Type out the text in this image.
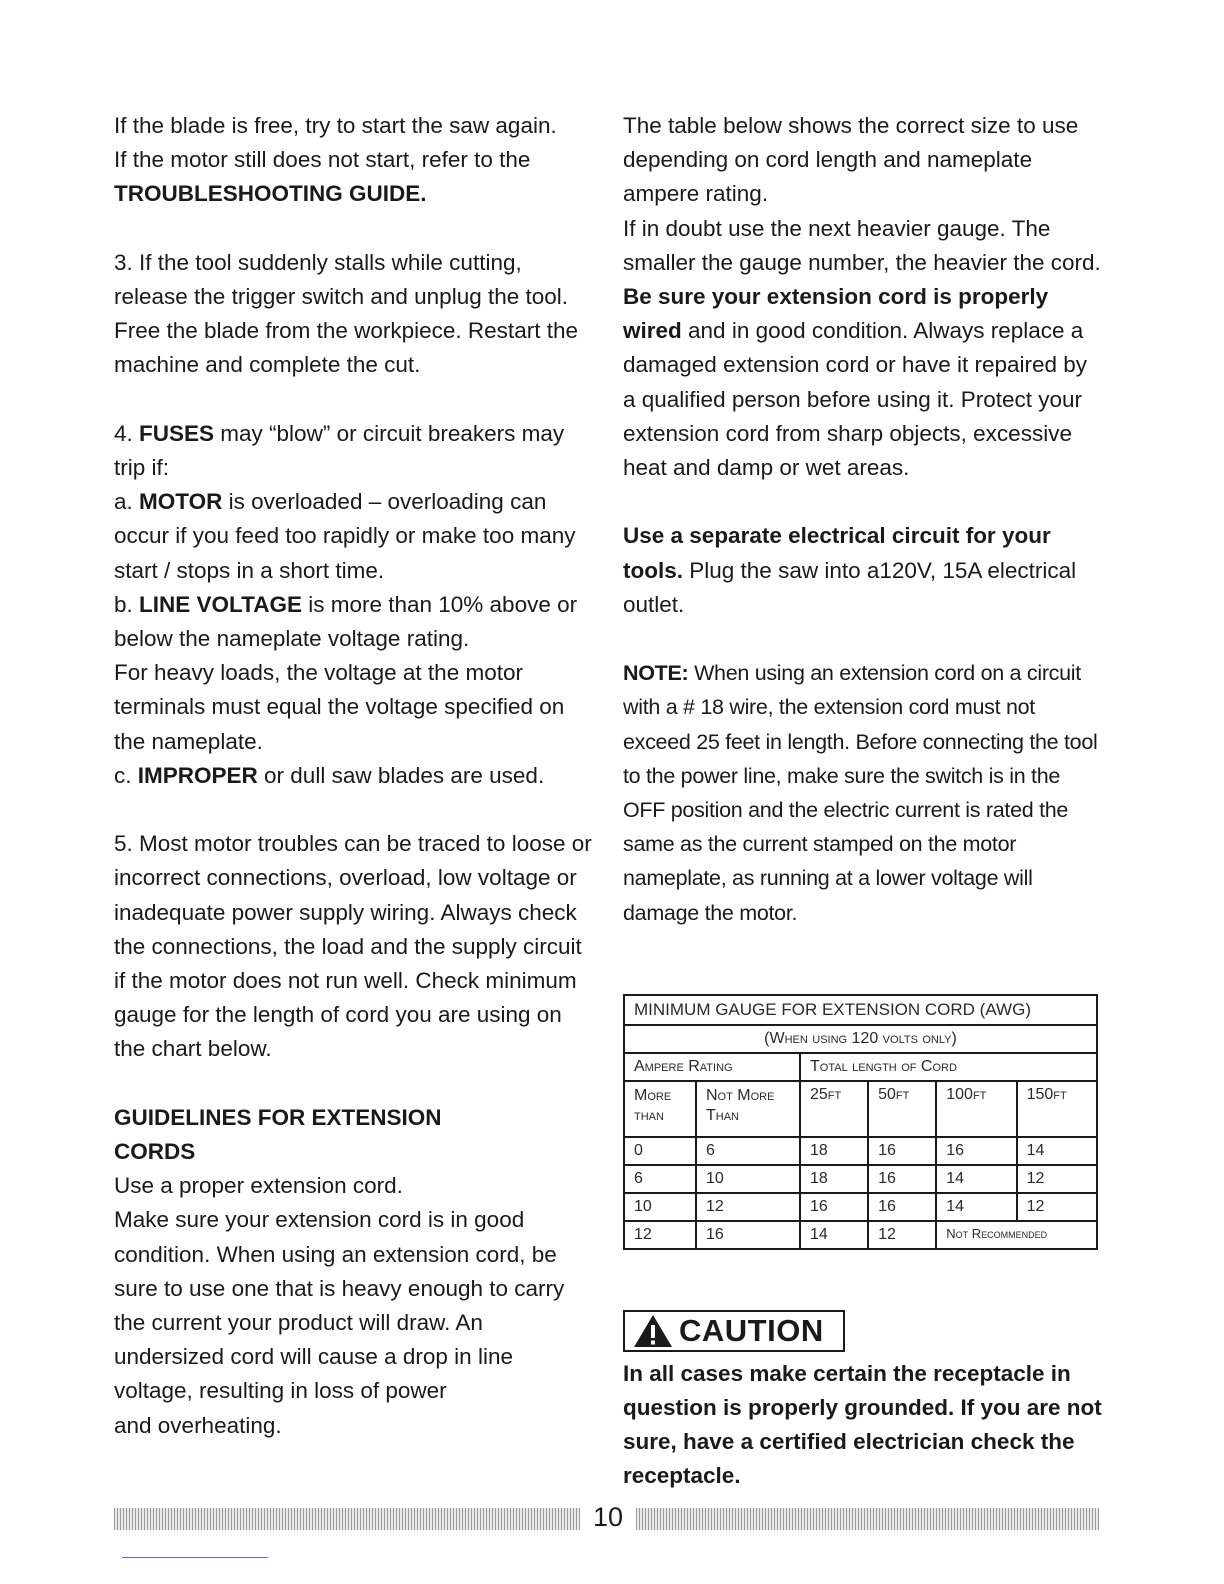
If the blade is free, try to start the saw again.
If the motor still does not start, refer to the
TROUBLESHOOTING GUIDE.

3. If the tool suddenly stalls while cutting, release the trigger switch and unplug the tool. Free the blade from the workpiece. Restart the machine and complete the cut.

4. FUSES may “blow” or circuit breakers may trip if:

a. MOTOR is overloaded – overloading can occur if you feed too rapidly or make too many start / stops in a short time.

b. LINE VOLTAGE is more than 10% above or below the nameplate voltage rating.

For heavy loads, the voltage at the motor terminals must equal the voltage specified on the nameplate.

c. IMPROPER or dull saw blades are used.

5. Most motor troubles can be traced to loose or incorrect connections, overload, low voltage or inadequate power supply wiring. Always check the connections, the load and the supply circuit if the motor does not run well. Check minimum gauge for the length of cord you are using on the chart below.

GUIDELINES FOR EXTENSION
CORDS

Use a proper extension cord.

Make sure your extension cord is in good condition. When using an extension cord, be sure to use one that is heavy enough to carry the current your product will draw. An undersized cord will cause a drop in line voltage, resulting in loss of power

and overheating.

The table below shows the correct size to use depending on cord length and nameplate ampere rating.

If in doubt use the next heavier gauge. The smaller the gauge number, the heavier the cord.

Be sure your extension cord is properly wired and in good condition. Always replace a damaged extension cord or have it repaired by a qualified person before using it. Protect your extension cord from sharp objects, excessive heat and damp or wet areas.

Use a separate electrical circuit for your tools. Plug the saw into a120V, 15A electrical outlet.

NOTE: When using an extension cord on a circuit with a # 18 wire, the extension cord must not exceed 25 feet in length. Before connecting the tool to the power line, make sure the switch is in the OFF position and the electric current is rated the same as the current stamped on the motor nameplate, as running at a lower voltage will damage the motor.

MINIMUM GAUGE FOR EXTENSION CORD (AWG)					
(When using 120 volts only)					
Ampere Rating		Total length of Cord			
More than	Not More Than	25ft	50ft	100ft	150ft
0	6	18	16	16	14
6	10	18	16	14	12
10	12	16	16	14	12
12	16	14	12	Not Recommended	
CAUTION
In all cases make certain the receptacle in question is properly grounded. If you are not sure, have a certified electrician check the receptacle.
10
